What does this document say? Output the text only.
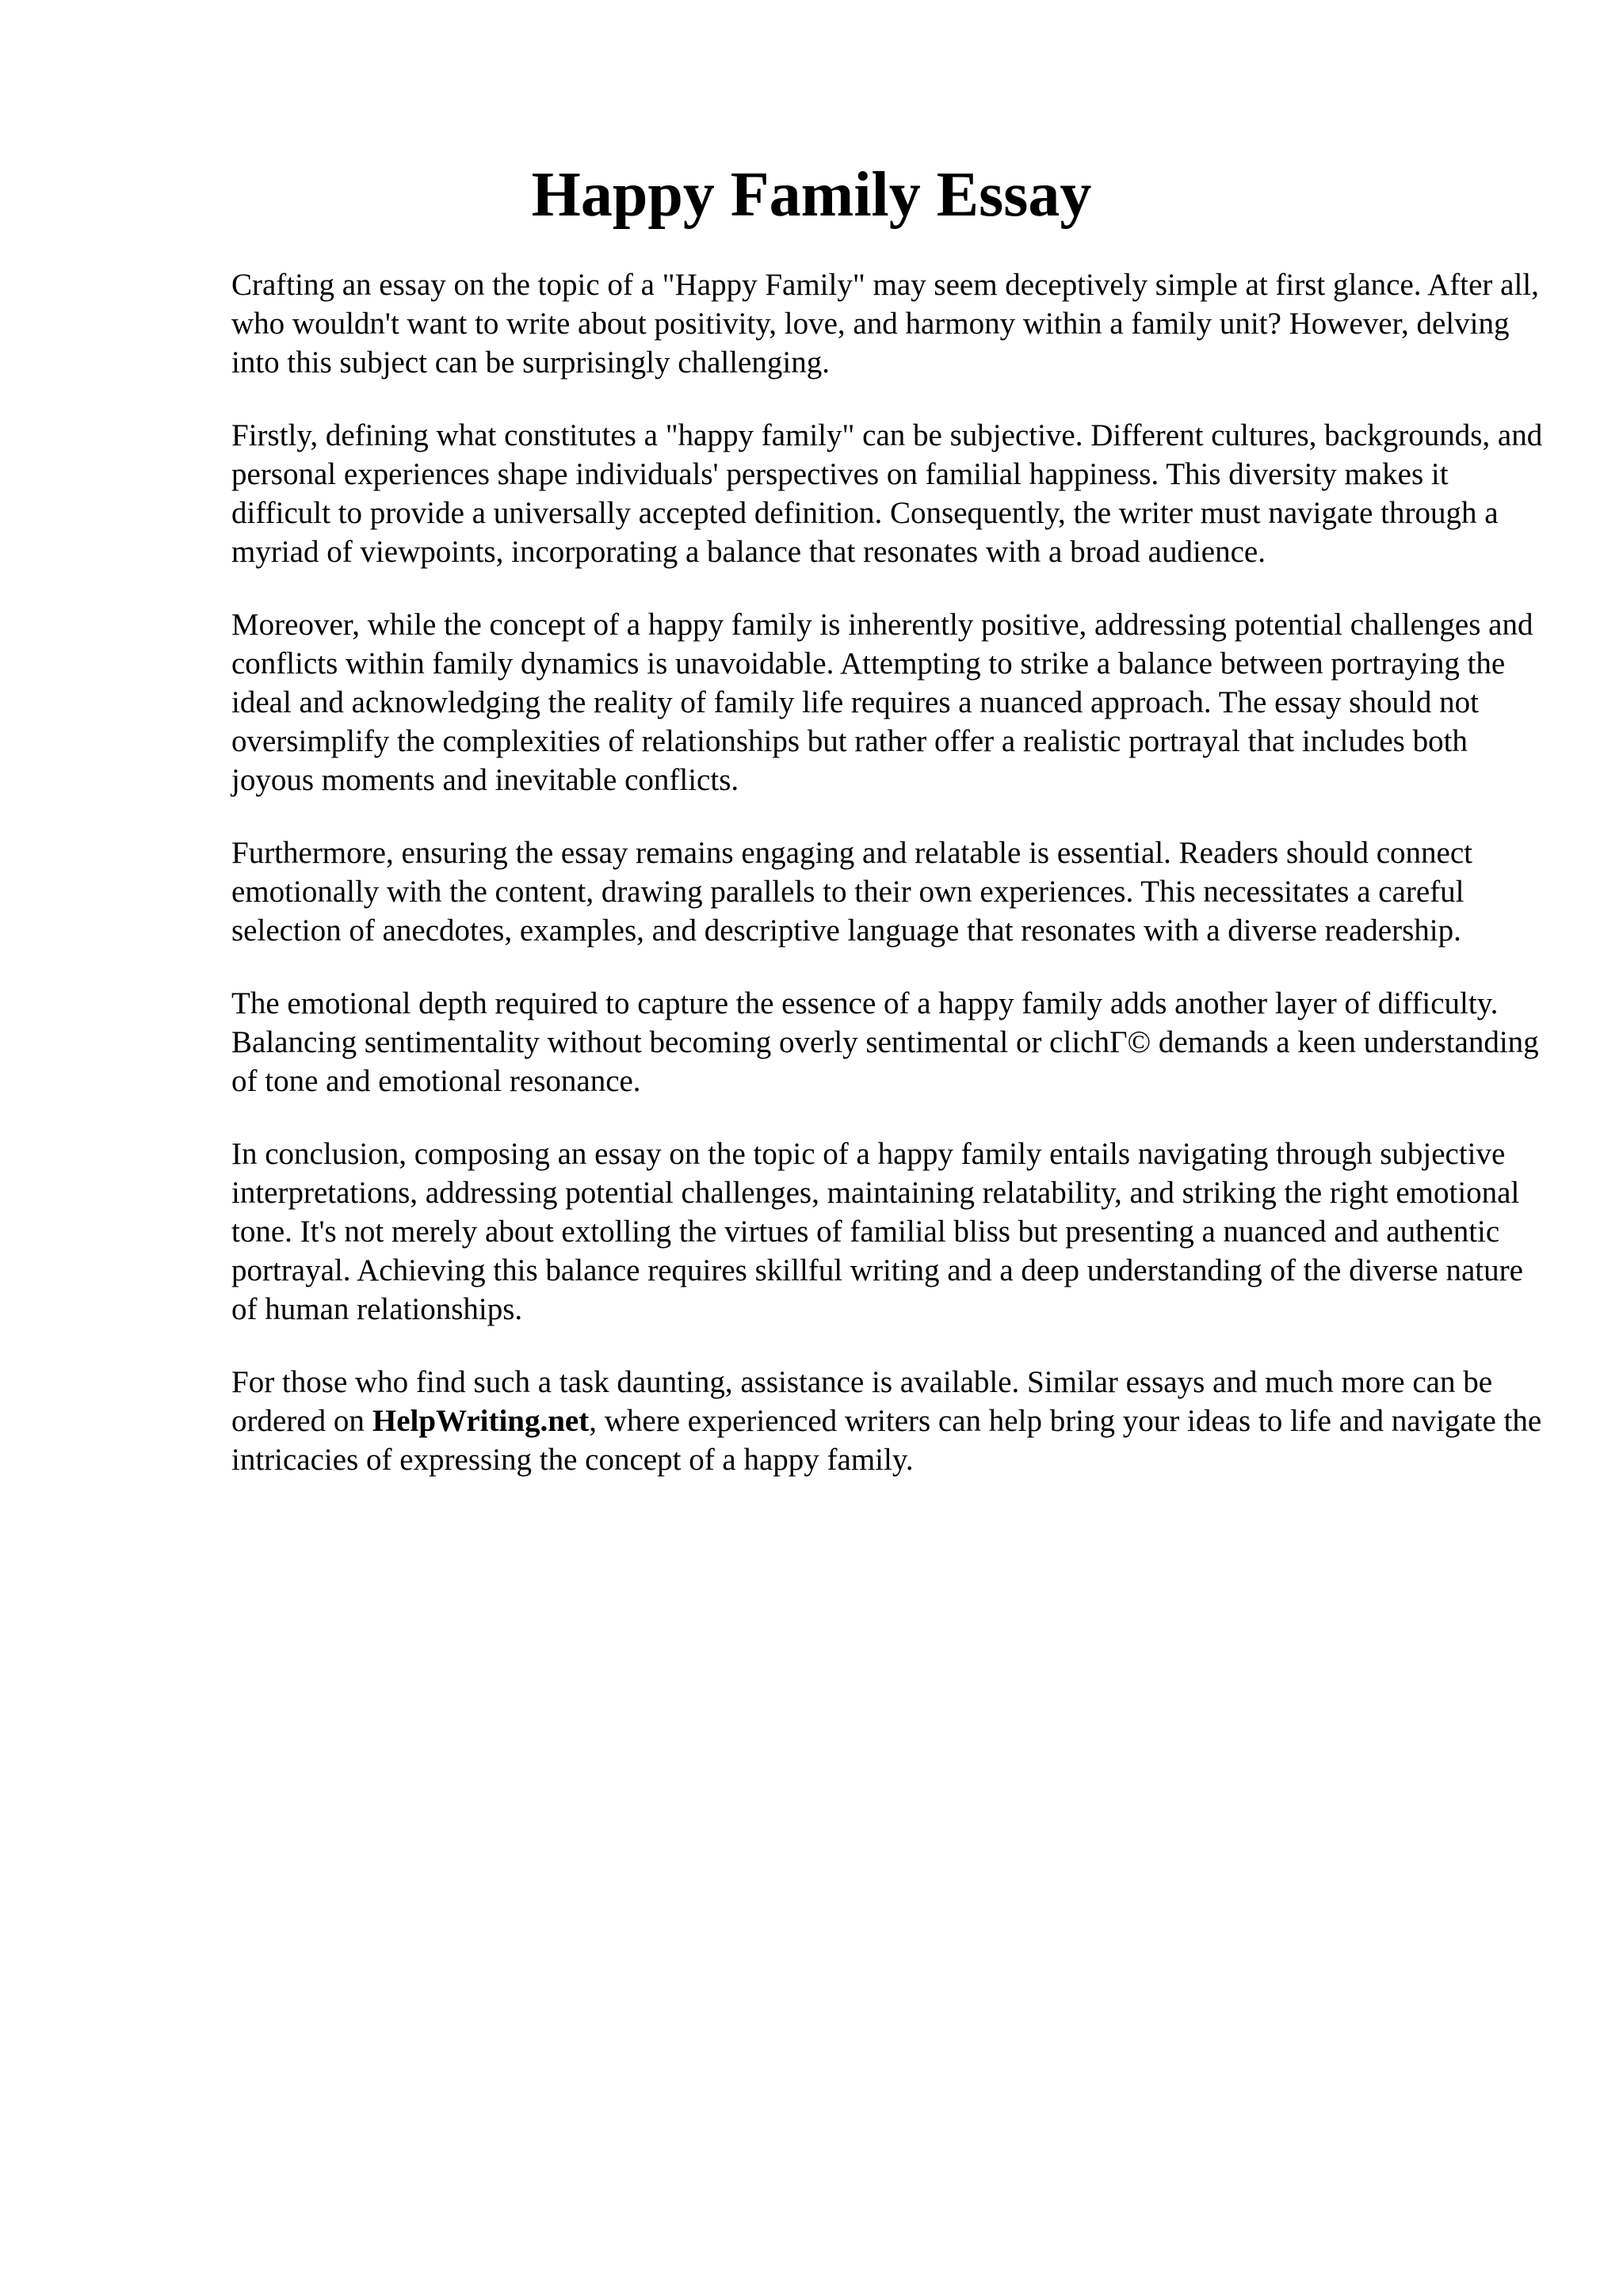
Happy Family Essay

Crafting an essay on the topic of a "Happy Family" may seem deceptively simple at first glance. After all, who wouldn't want to write about positivity, love, and harmony within a family unit? However, delving into this subject can be surprisingly challenging.

Firstly, defining what constitutes a "happy family" can be subjective. Different cultures, backgrounds, and personal experiences shape individuals' perspectives on familial happiness. This diversity makes it difficult to provide a universally accepted definition. Consequently, the writer must navigate through a myriad of viewpoints, incorporating a balance that resonates with a broad audience.

Moreover, while the concept of a happy family is inherently positive, addressing potential challenges and conflicts within family dynamics is unavoidable. Attempting to strike a balance between portraying the ideal and acknowledging the reality of family life requires a nuanced approach. The essay should not oversimplify the complexities of relationships but rather offer a realistic portrayal that includes both joyous moments and inevitable conflicts.

Furthermore, ensuring the essay remains engaging and relatable is essential. Readers should connect emotionally with the content, drawing parallels to their own experiences. This necessitates a careful selection of anecdotes, examples, and descriptive language that resonates with a diverse readership.

The emotional depth required to capture the essence of a happy family adds another layer of difficulty. Balancing sentimentality without becoming overly sentimental or clichГ© demands a keen understanding of tone and emotional resonance.

In conclusion, composing an essay on the topic of a happy family entails navigating through subjective interpretations, addressing potential challenges, maintaining relatability, and striking the right emotional tone. It's not merely about extolling the virtues of familial bliss but presenting a nuanced and authentic portrayal. Achieving this balance requires skillful writing and a deep understanding of the diverse nature of human relationships.

For those who find such a task daunting, assistance is available. Similar essays and much more can be ordered on HelpWriting.net, where experienced writers can help bring your ideas to life and navigate the intricacies of expressing the concept of a happy family.
